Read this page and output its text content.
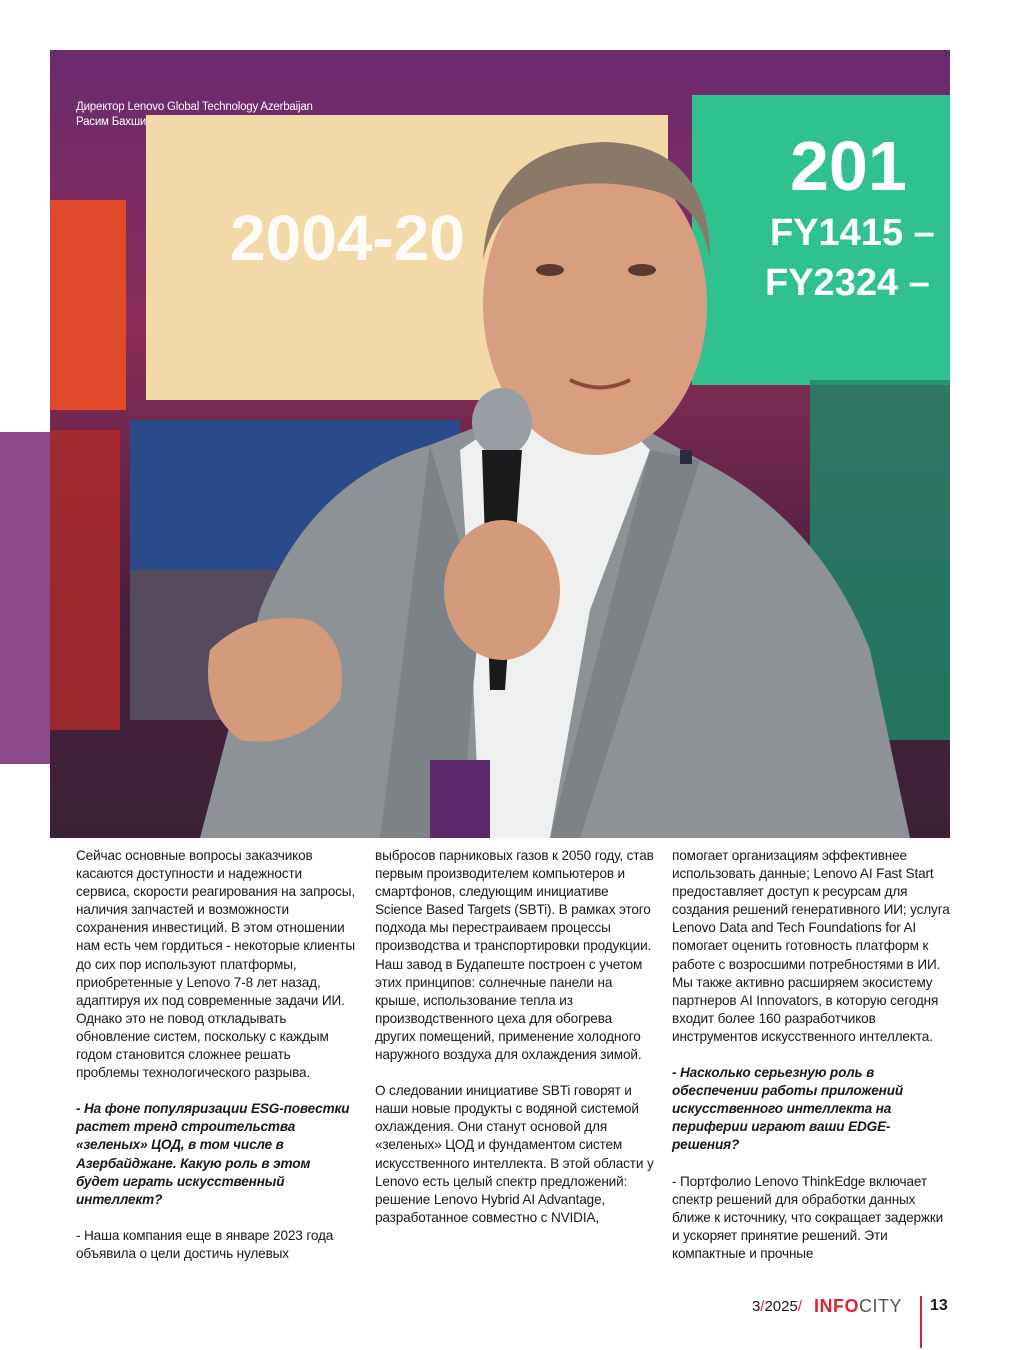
2004-20
201
FY1415 –
FY2324 –
Директор Lenovo Global Technology Azerbaijan
Расим Бахши

Сейчас основные вопросы заказчиков касаются доступности и надежности сервиса, скорости реагирования на запросы, наличия запчастей и возможности сохранения инвестиций. В этом отношении нам есть чем гордиться - некоторые клиенты до сих пор используют платформы, приобретенные у Lenovo 7-8 лет назад, адаптируя их под современные задачи ИИ. Однако это не повод откладывать обновление систем, поскольку с каждым годом становится сложнее решать проблемы технологического разрыва.

- На фоне популяризации ESG-повестки растет тренд строительства «зеленых» ЦОД, в том числе в Азербайджане. Какую роль в этом будет играть искусственный интеллект?

- Наша компания еще в январе 2023 года объявила о цели достичь нулевых

выбросов парниковых газов к 2050 году, став первым производителем компьютеров и смартфонов, следующим инициативе Science Based Targets (SBTi). В рамках этого подхода мы перестраиваем процессы производства и транспортировки продукции. Наш завод в Будапеште построен с учетом этих принципов: солнечные панели на крыше, использование тепла из производственного цеха для обогрева других помещений, применение холодного наружного воздуха для охлаждения зимой.

О следовании инициативе SBTi говорят и наши новые продукты с водяной системой охлаждения. Они станут основой для «зеленых» ЦОД и фундаментом систем искусственного интеллекта. В этой области у Lenovo есть целый спектр предложений: решение Lenovo Hybrid AI Advantage, разработанное совместно с NVIDIA,

помогает организациям эффективнее использовать данные; Lenovo AI Fast Start предоставляет доступ к ресурсам для создания решений генеративного ИИ; услуга Lenovo Data and Tech Foundations for AI помогает оценить готовность платформ к работе с возросшими потребностями в ИИ. Мы также активно расширяем экосистему партнеров AI Innovators, в которую сегодня входит более 160 разработчиков инструментов искусственного интеллекта.

- Насколько серьезную роль в обеспечении работы приложений искусственного интеллекта на периферии играют ваши EDGE-решения?

- Портфолио Lenovo ThinkEdge включает спектр решений для обработки данных ближе к источнику, что сокращает задержки и ускоряет принятие решений. Эти компактные и прочные

3/2025/ INFOCITY 13
